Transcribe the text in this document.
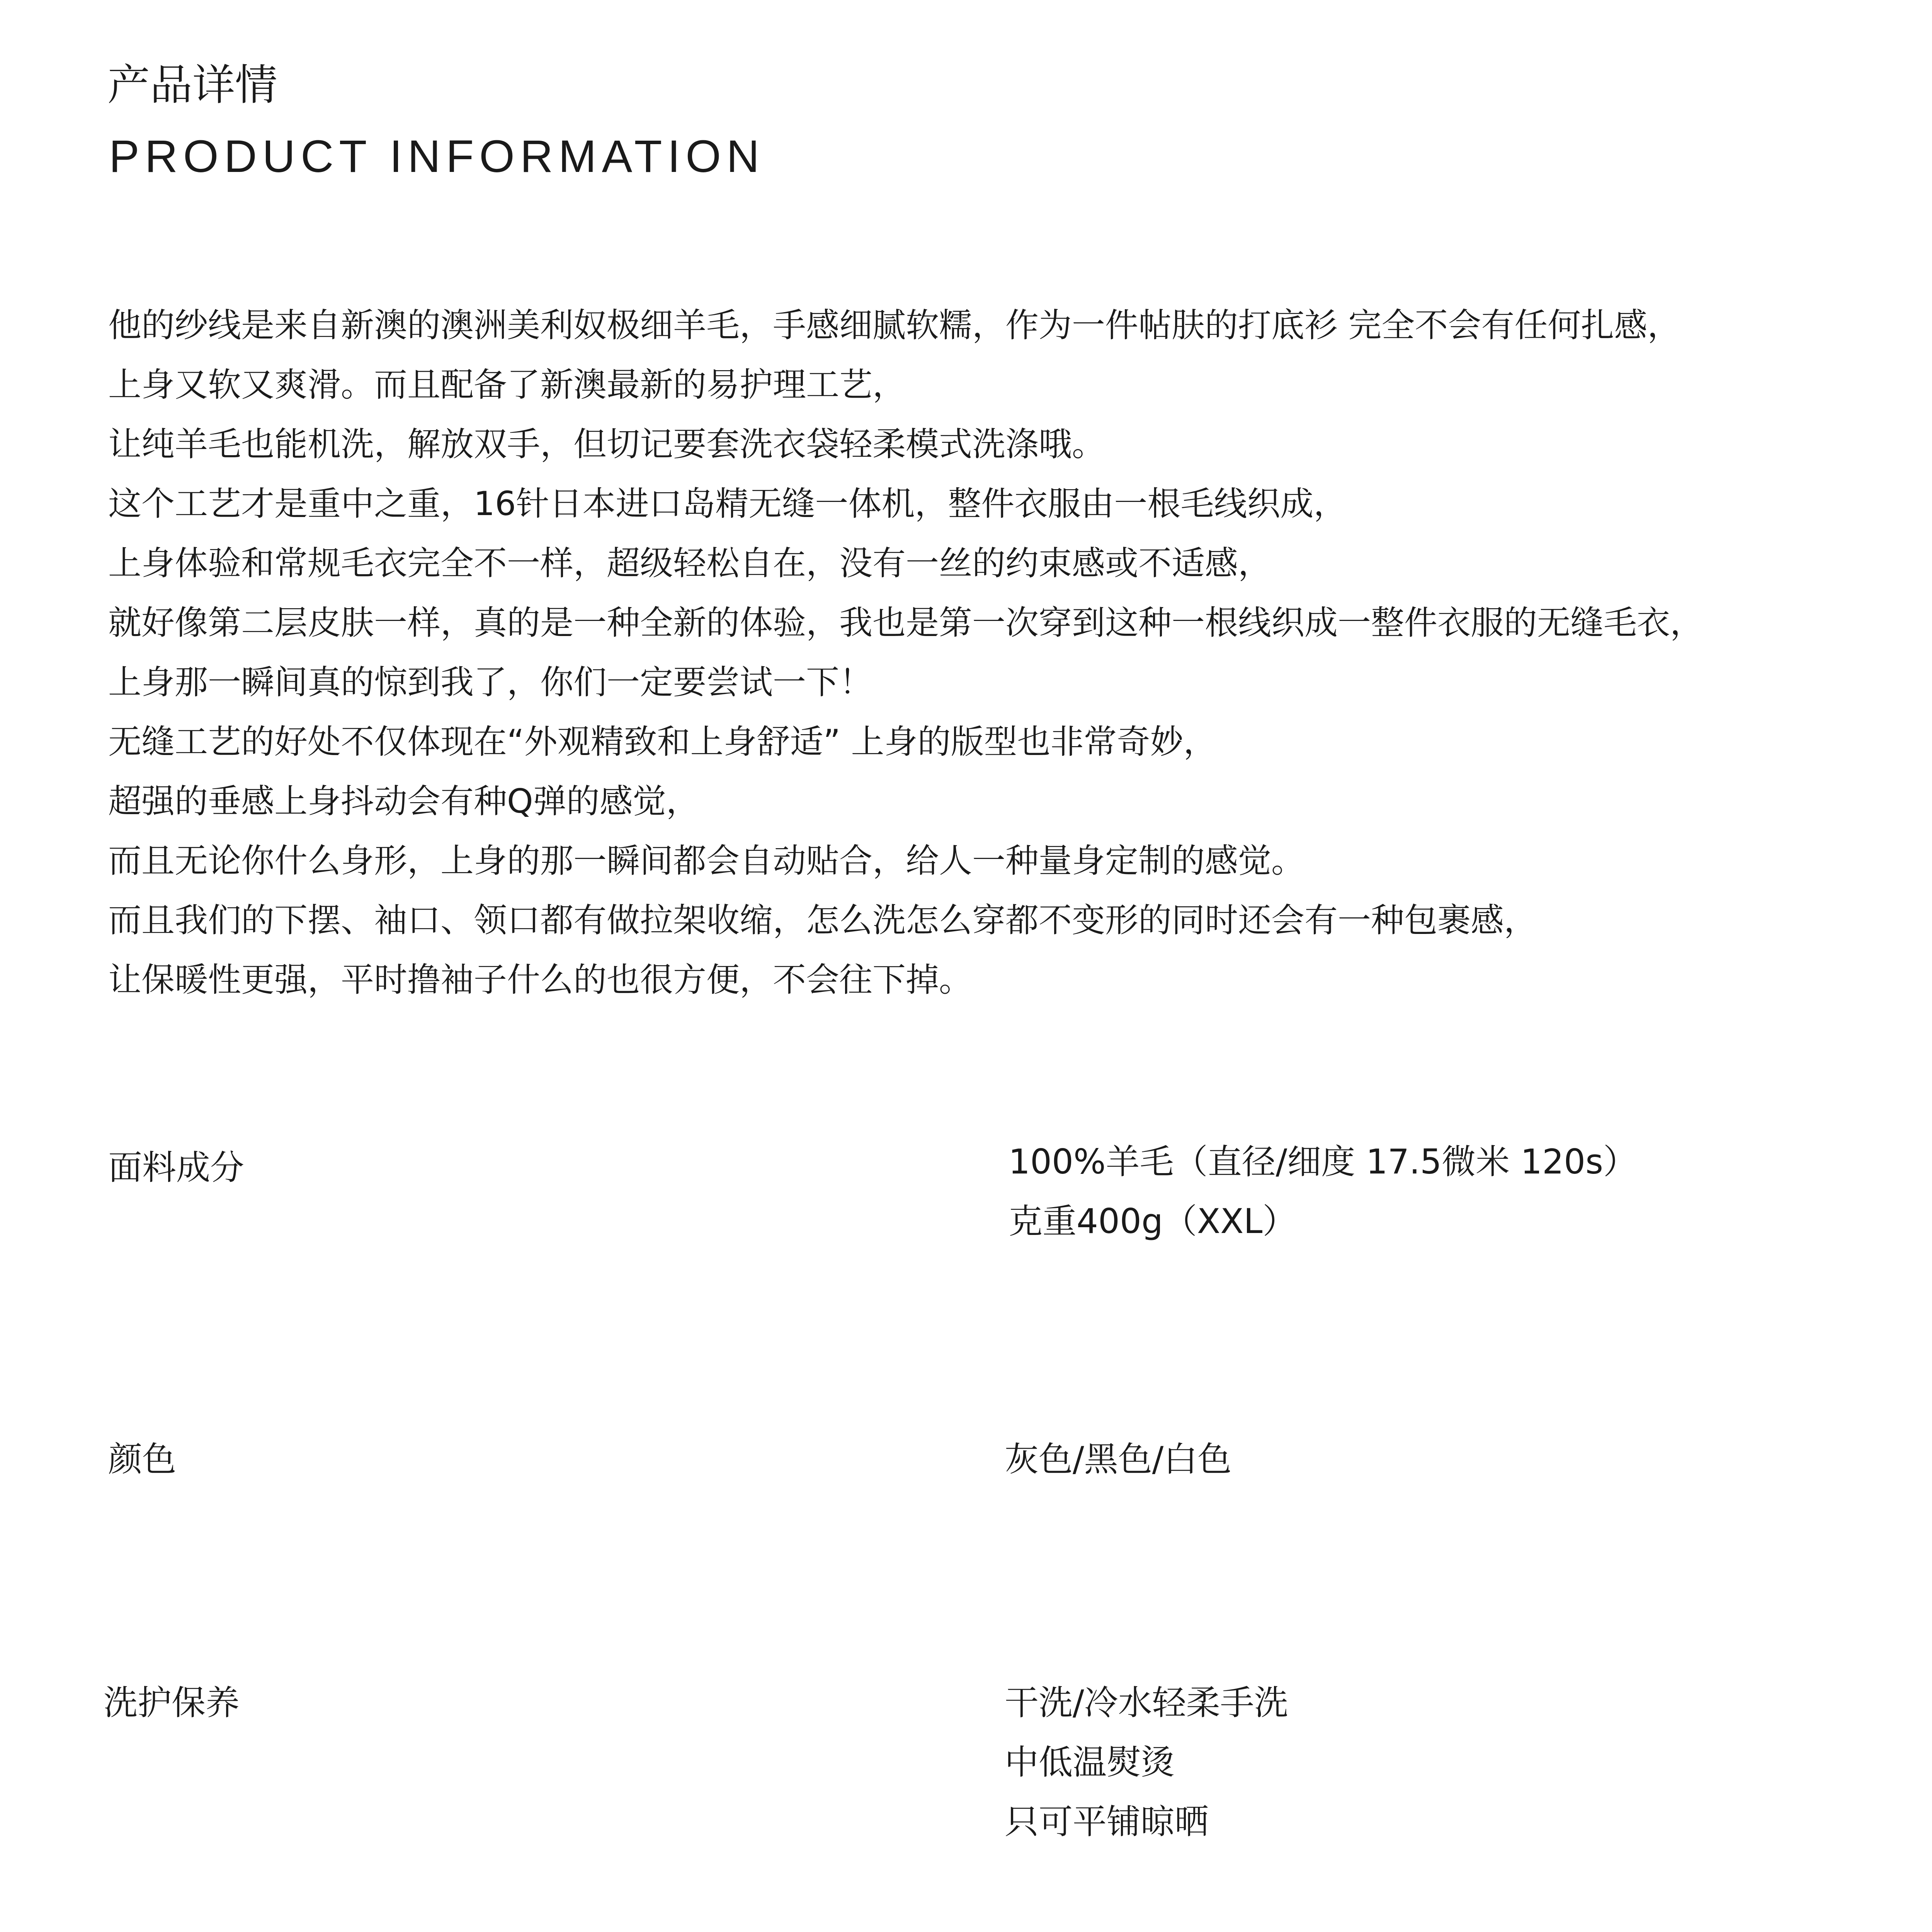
产品详情
PRODUCT INFORMATION
他的纱线是来自新澳的澳洲美利奴极细羊毛，手感细腻软糯，作为一件帖肤的打底衫 完全不会有任何扎感，
上身又软又爽滑。而且配备了新澳最新的易护理工艺，
让纯羊毛也能机洗，解放双手，但切记要套洗衣袋轻柔模式洗涤哦。
这个工艺才是重中之重，16针日本进口岛精无缝一体机，整件衣服由一根毛线织成，
上身体验和常规毛衣完全不一样，超级轻松自在，没有一丝的约束感或不适感，
就好像第二层皮肤一样，真的是一种全新的体验，我也是第一次穿到这种一根线织成一整件衣服的无缝毛衣，
上身那一瞬间真的惊到我了，你们一定要尝试一下！
无缝工艺的好处不仅体现在“外观精致和上身舒适” 上身的版型也非常奇妙，
超强的垂感上身抖动会有种Q弹的感觉，
而且无论你什么身形，上身的那一瞬间都会自动贴合，给人一种量身定制的感觉。
而且我们的下摆、袖口、领口都有做拉架收缩，怎么洗怎么穿都不变形的同时还会有一种包裹感，
让保暖性更强，平时撸袖子什么的也很方便，不会往下掉。
面料成分	100%羊毛（直径/细度 17.5微米 120s）
克重400g（XXL）
颜色	灰色/黑色/白色
洗护保养	干洗/冷水轻柔手洗
中低温熨烫
只可平铺晾晒
